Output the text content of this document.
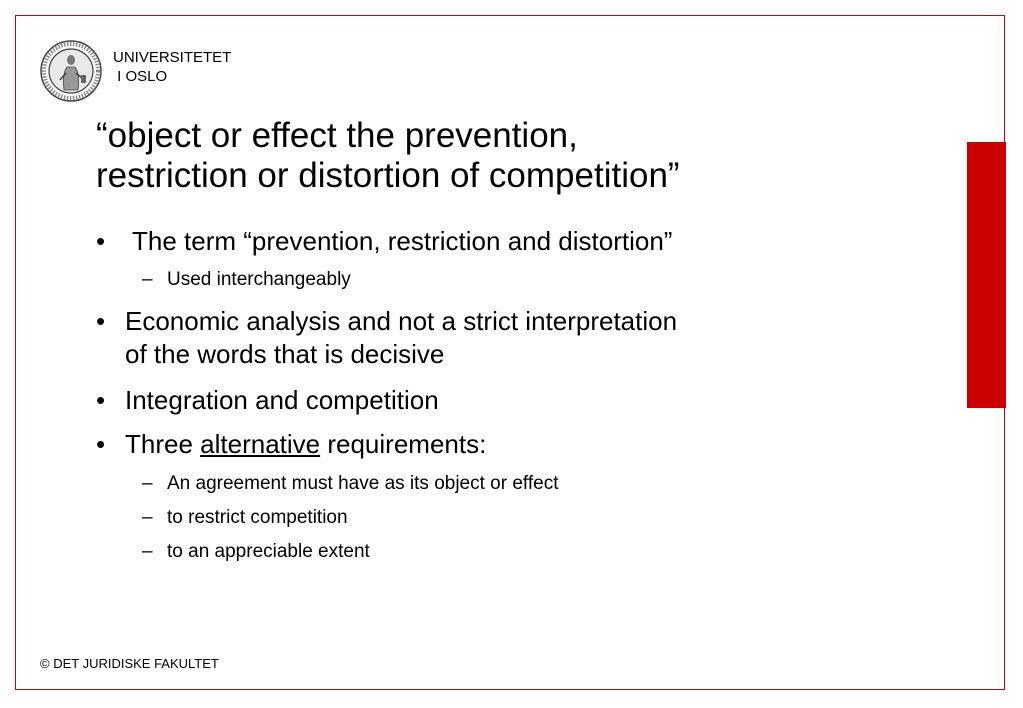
UNIVERSITETET
I OSLO
“object or effect the prevention,
restriction or distortion of competition”
•	The term “prevention, restriction and distortion”
– Used interchangeably
• Economic analysis and not a strict interpretation
of the words that is decisive
• Integration and competition
• Three alternative requirements:
– An agreement must have as its object or effect
– to restrict competition
– to an appreciable extent
© DET JURIDISKE FAKULTET
